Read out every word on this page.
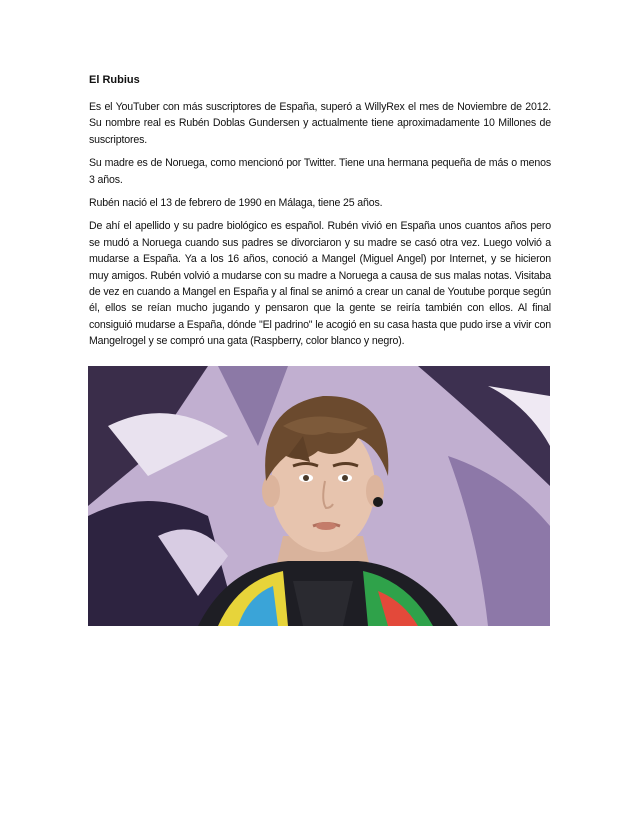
El Rubius

Es el YouTuber con más suscriptores de España, superó a WillyRex el mes de Noviembre de 2012. Su nombre real es Rubén Doblas Gundersen y actualmente tiene aproximadamente 10 Millones de suscriptores.

Su madre es de Noruega, como mencionó por Twitter. Tiene una hermana pequeña de más o menos 3 años.

Rubén nació el 13 de febrero de 1990 en Málaga, tiene 25 años.

De ahí el apellido y su padre biológico es español. Rubén vivió en España unos cuantos años pero se mudó a Noruega cuando sus padres se divorciaron y su madre se casó otra vez. Luego volvió a mudarse a España. Ya a los 16 años, conoció a Mangel (Miguel Angel) por Internet, y se hicieron muy amigos. Rubén volvió a mudarse con su madre a Noruega a causa de sus malas notas. Visitaba de vez en cuando a Mangel en España y al final se animó a crear un canal de Youtube porque según él, ellos se reían mucho jugando y pensaron que la gente se reiría también con ellos. Al final consiguió mudarse a España, dónde "El padrino" le acogió en su casa hasta que pudo irse a vivir con Mangelrogel y se compró una gata (Raspberry, color blanco y negro).
